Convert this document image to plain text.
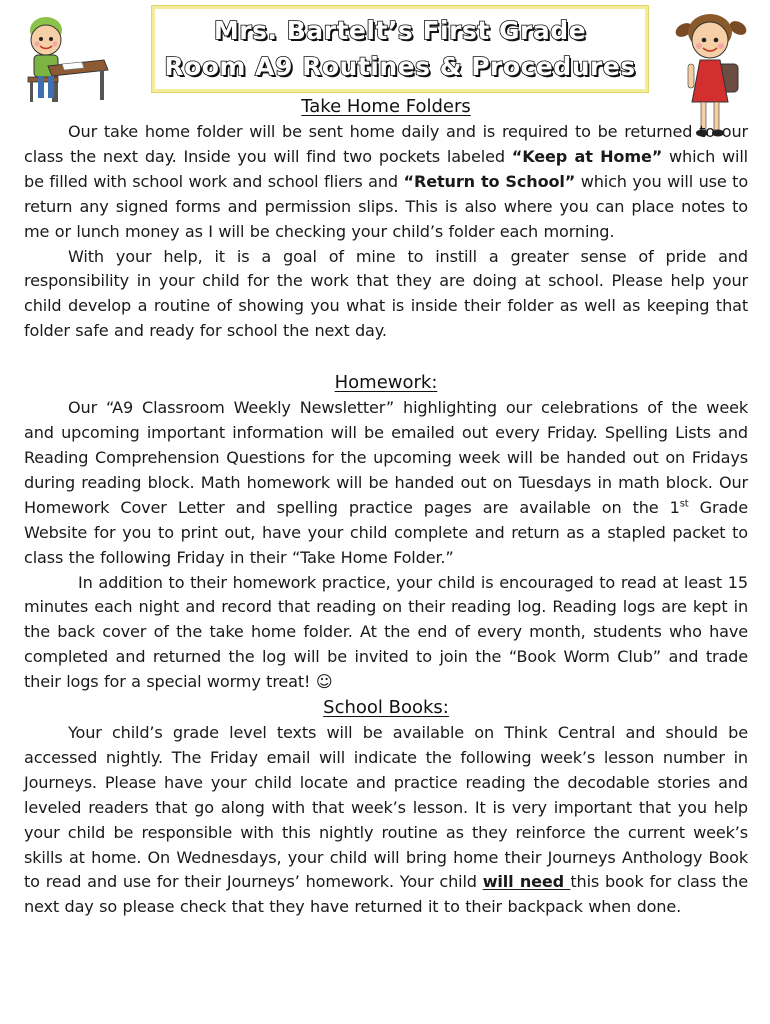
Mrs. Bartelt’s First Grade
Room A9 Routines & Procedures
Take Home Folders

Our take home folder will be sent home daily and is required to be returned to our class the next day. Inside you will find two pockets labeled “Keep at Home” which will be filled with school work and school fliers and “Return to School” which you will use to return any signed forms and permission slips. This is also where you can place notes to me or lunch money as I will be checking your child’s folder each morning.

With your help, it is a goal of mine to instill a greater sense of pride and responsibility in your child for the work that they are doing at school. Please help your child develop a routine of showing you what is inside their folder as well as keeping that folder safe and ready for school the next day.

Homework:

Our “A9 Classroom Weekly Newsletter” highlighting our celebrations of the week and upcoming important information will be emailed out every Friday. Spelling Lists and Reading Comprehension Questions for the upcoming week will be handed out on Fridays during reading block. Math homework will be handed out on Tuesdays in math block. Our Homework Cover Letter and spelling practice pages are available on the 1st Grade Website for you to print out, have your child complete and return as a stapled packet to class the following Friday in their “Take Home Folder.”

In addition to their homework practice, your child is encouraged to read at least 15 minutes each night and record that reading on their reading log. Reading logs are kept in the back cover of the take home folder. At the end of every month, students who have completed and returned the log will be invited to join the “Book Worm Club” and trade their logs for a special wormy treat! ☺

School Books:

Your child’s grade level texts will be available on Think Central and should be accessed nightly. The Friday email will indicate the following week’s lesson number in Journeys. Please have your child locate and practice reading the decodable stories and leveled readers that go along with that week’s lesson. It is very important that you help your child be responsible with this nightly routine as they reinforce the current week’s skills at home. On Wednesdays, your child will bring home their Journeys Anthology Book to read and use for their Journeys’ homework. Your child will need this book for class the next day so please check that they have returned it to their backpack when done.
